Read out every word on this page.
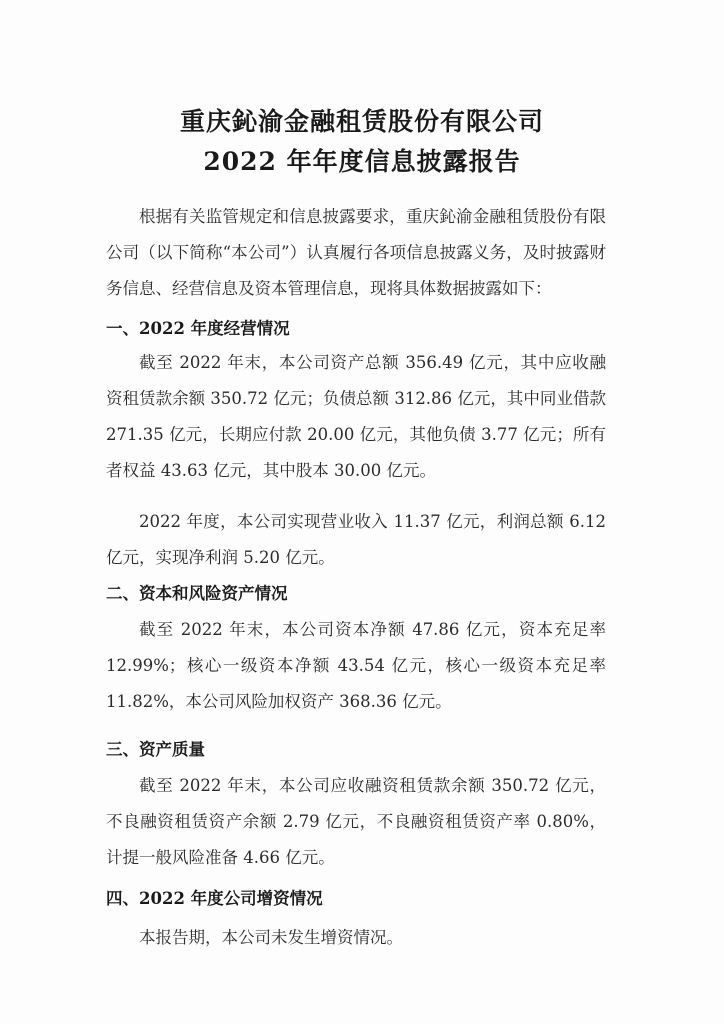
重庆鈊渝金融租赁股份有限公司
2022 年年度信息披露报告
根据有关监管规定和信息披露要求，重庆鈊渝金融租赁股份有限公司（以下简称“本公司”）认真履行各项信息披露义务，及时披露财务信息、经营信息及资本管理信息，现将具体数据披露如下：
一、2022 年度经营情况
截至 2022 年末，本公司资产总额 356.49 亿元，其中应收融资租赁款余额 350.72 亿元；负债总额 312.86 亿元，其中同业借款 271.35 亿元，长期应付款 20.00 亿元，其他负债 3.77 亿元；所有者权益 43.63 亿元，其中股本 30.00 亿元。
2022 年度，本公司实现营业收入 11.37 亿元，利润总额 6.12 亿元，实现净利润 5.20 亿元。
二、资本和风险资产情况
截至 2022 年末，本公司资本净额 47.86 亿元，资本充足率 12.99%；核心一级资本净额 43.54 亿元，核心一级资本充足率 11.82%，本公司风险加权资产 368.36 亿元。
三、资产质量
截至 2022 年末，本公司应收融资租赁款余额 350.72 亿元，不良融资租赁资产余额 2.79 亿元，不良融资租赁资产率 0.80%，计提一般风险准备 4.66 亿元。
四、2022 年度公司增资情况
本报告期，本公司未发生增资情况。
